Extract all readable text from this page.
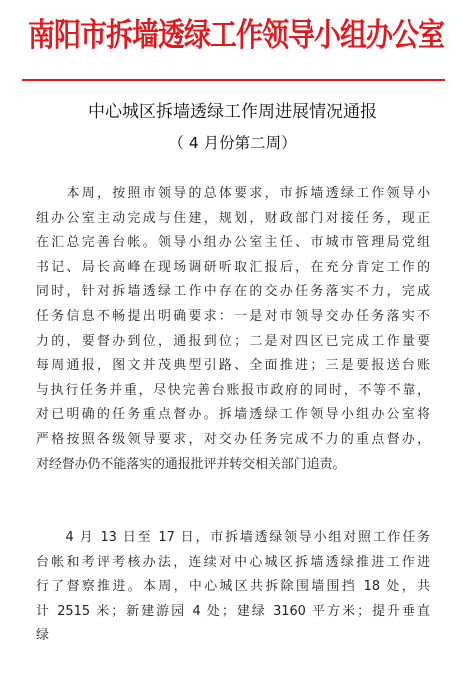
南阳市拆墙透绿工作领导小组办公室
中心城区拆墙透绿工作周进展情况通报
（ 4 月份第二周）
　　本周，按照市领导的总体要求，市拆墙透绿工作领导小
组办公室主动完成与住建，规划，财政部门对接任务，现正
在汇总完善台帐。领导小组办公室主任、市城市管理局党组
书记、局长高峰在现场调研听取汇报后，在充分肯定工作的
同时，针对拆墙透绿工作中存在的交办任务落实不力，完成
任务信息不畅提出明确要求：一是对市领导交办任务落实不
力的，要督办到位，通报到位；二是对四区已完成工作量要
每周通报，图文并茂典型引路、全面推进；三是要报送台账
与执行任务并重，尽快完善台账报市政府的同时，不等不靠，
对已明确的任务重点督办。拆墙透绿工作领导小组办公室将
严格按照各级领导要求，对交办任务完成不力的重点督办，
对经督办仍不能落实的通报批评并转交相关部门追责。
　　4 月 13 日至 17 日，市拆墙透绿领导小组对照工作任务
台帐和考评考核办法，连续对中心城区拆墙透绿推进工作进
行了督察推进。本周，中心城区共拆除围墙围挡 18 处，共
计 2515 米；新建游园 4 处；建绿 3160 平方米；提升垂直
绿
